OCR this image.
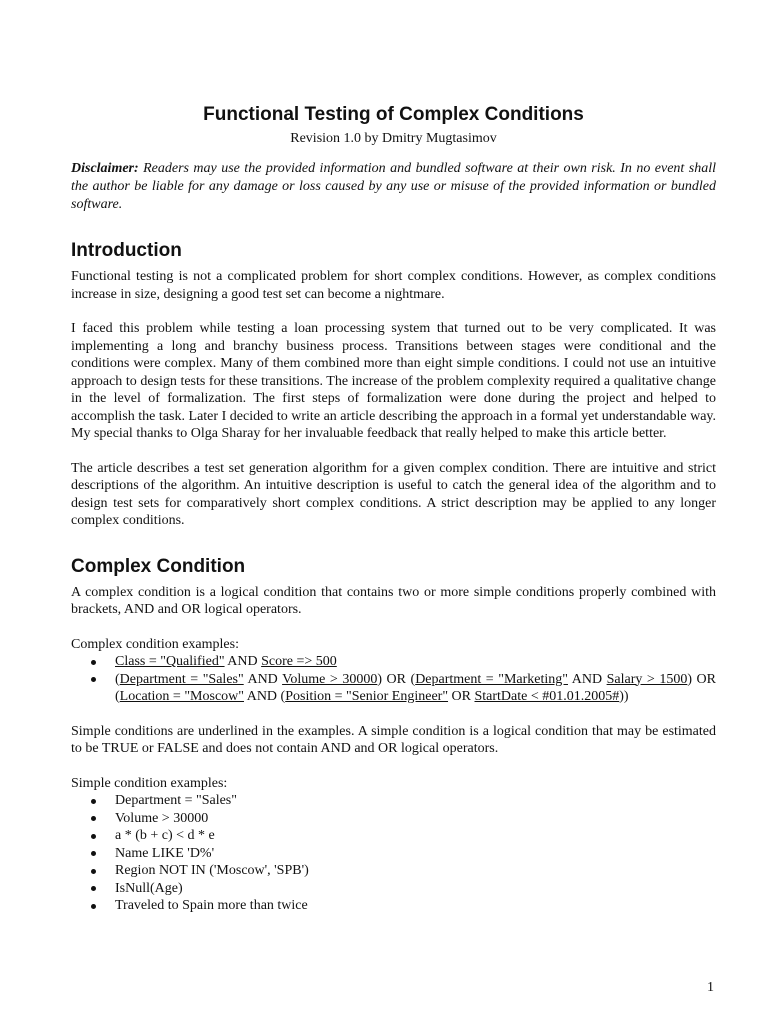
Functional Testing of Complex Conditions
Revision 1.0 by Dmitry Mugtasimov

Disclaimer: Readers may use the provided information and bundled software at their own risk. In no event shall the author be liable for any damage or loss caused by any use or misuse of the provided information or bundled software.

Introduction

Functional testing is not a complicated problem for short complex conditions. However, as complex conditions increase in size, designing a good test set can become a nightmare.

I faced this problem while testing a loan processing system that turned out to be very complicated. It was implementing a long and branchy business process. Transitions between stages were conditional and the conditions were complex. Many of them combined more than eight simple conditions. I could not use an intuitive approach to design tests for these transitions. The increase of the problem complexity required a qualitative change in the level of formalization. The first steps of formalization were done during the project and helped to accomplish the task. Later I decided to write an article describing the approach in a formal yet understandable way. My special thanks to Olga Sharay for her invaluable feedback that really helped to make this article better.

The article describes a test set generation algorithm for a given complex condition. There are intuitive and strict descriptions of the algorithm. An intuitive description is useful to catch the general idea of the algorithm and to design test sets for comparatively short complex conditions. A strict description may be applied to any longer complex conditions.

Complex Condition

A complex condition is a logical condition that contains two or more simple conditions properly combined with brackets, AND and OR logical operators.

Complex condition examples:

Class = "Qualified" AND Score => 500
(Department = "Sales" AND Volume > 30000) OR (Department = "Marketing" AND Salary > 1500) OR (Location = "Moscow" AND (Position = "Senior Engineer" OR StartDate < #01.01.2005#))

Simple conditions are underlined in the examples. A simple condition is a logical condition that may be estimated to be TRUE or FALSE and does not contain AND and OR logical operators.

Simple condition examples:

Department = "Sales"
Volume > 30000
a * (b + c) < d * e
Name LIKE 'D%'
Region NOT IN ('Moscow', 'SPB')
IsNull(Age)
Traveled to Spain more than twice
1
